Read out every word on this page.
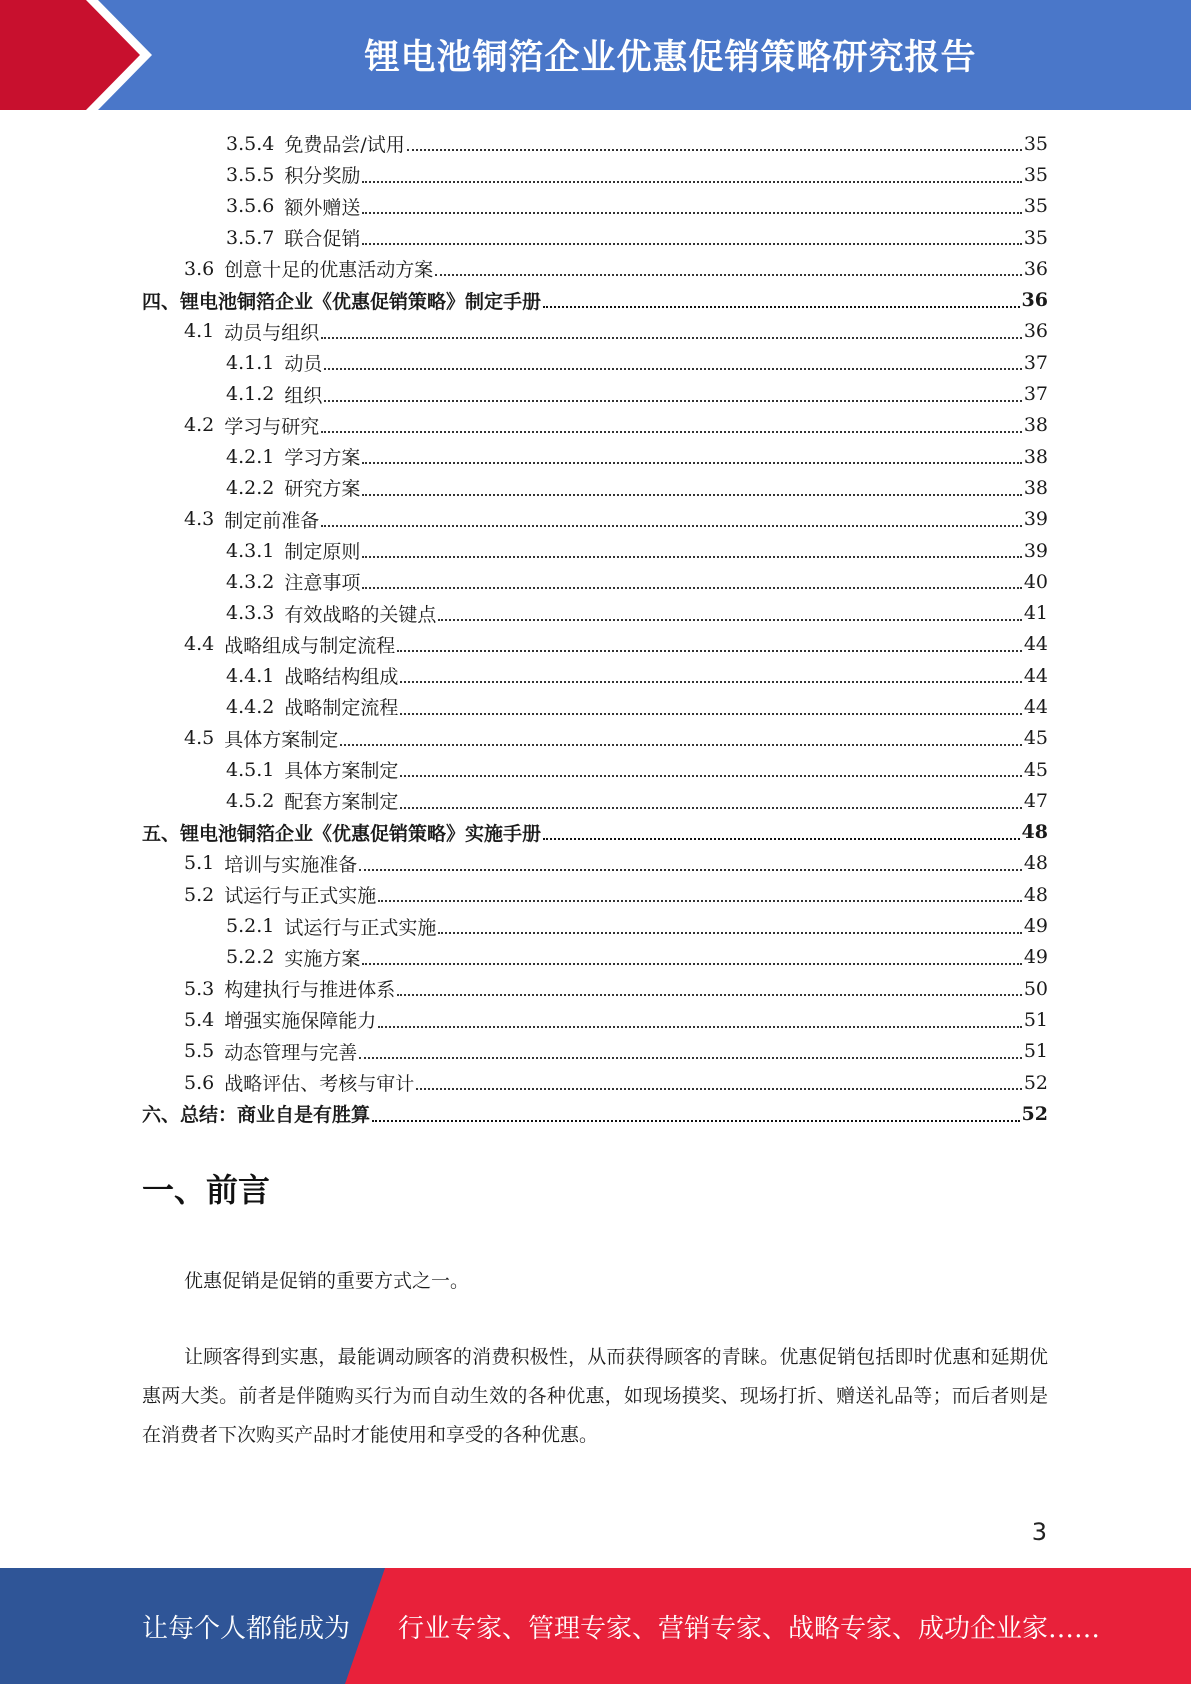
锂电池铜箔企业优惠促销策略研究报告
3.5.4 免费品尝/试用	35
3.5.5 积分奖励	35
3.5.6 额外赠送	35
3.5.7 联合促销	35
3.6 创意十足的优惠活动方案	36
四、锂电池铜箔企业《优惠促销策略》制定手册	36
4.1 动员与组织	36
4.1.1 动员	37
4.1.2 组织	37
4.2 学习与研究	38
4.2.1 学习方案	38
4.2.2 研究方案	38
4.3 制定前准备	39
4.3.1 制定原则	39
4.3.2 注意事项	40
4.3.3 有效战略的关键点	41
4.4 战略组成与制定流程	44
4.4.1 战略结构组成	44
4.4.2 战略制定流程	44
4.5 具体方案制定	45
4.5.1 具体方案制定	45
4.5.2 配套方案制定	47
五、锂电池铜箔企业《优惠促销策略》实施手册	48
5.1 培训与实施准备	48
5.2 试运行与正式实施	48
5.2.1 试运行与正式实施	49
5.2.2 实施方案	49
5.3 构建执行与推进体系	50
5.4 增强实施保障能力	51
5.5 动态管理与完善	51
5.6 战略评估、考核与审计	52
六、总结：商业自是有胜算	52
一、前言
优惠促销是促销的重要方式之一。
让顾客得到实惠，最能调动顾客的消费积极性，从而获得顾客的青睐。优惠促销包括即时优惠和延期优惠两大类。前者是伴随购买行为而自动生效的各种优惠，如现场摸奖、现场打折、赠送礼品等；而后者则是在消费者下次购买产品时才能使用和享受的各种优惠。
3
让每个人都能成为 行业专家、管理专家、营销专家、战略专家、成功企业家……
